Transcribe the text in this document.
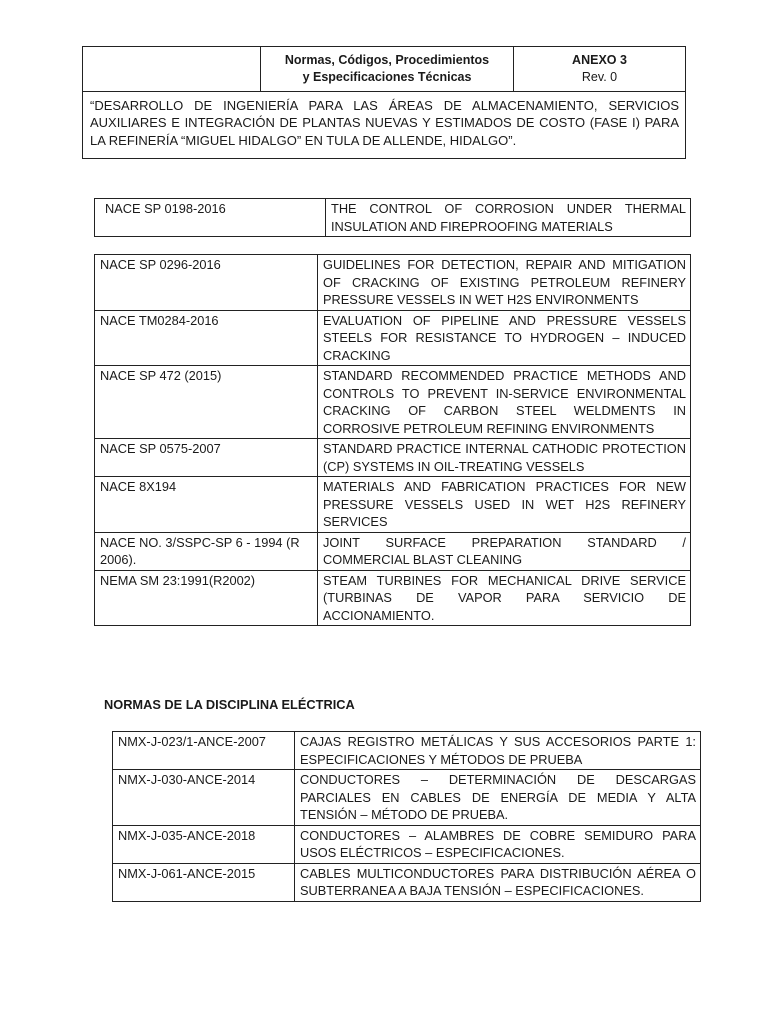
Normas, Códigos, Procedimientos
y Especificaciones Técnicas

ANEXO 3
Rev. 0
“DESARROLLO DE INGENIERÍA PARA LAS ÁREAS DE ALMACENAMIENTO, SERVICIOS AUXILIARES E INTEGRACIÓN DE PLANTAS NUEVAS Y ESTIMADOS DE COSTO (FASE I) PARA LA REFINERÍA “MIGUEL HIDALGO” EN TULA DE ALLENDE, HIDALGO”.
NACE SP 0198-2016	THE CONTROL OF CORROSION UNDER THERMAL INSULATION AND FIREPROOFING MATERIALS
NACE SP 0296-2016	GUIDELINES FOR DETECTION, REPAIR AND MITIGATION OF CRACKING OF EXISTING PETROLEUM REFINERY PRESSURE VESSELS IN WET H2S ENVIRONMENTS
NACE TM0284-2016	EVALUATION OF PIPELINE AND PRESSURE VESSELS STEELS FOR RESISTANCE TO HYDROGEN – INDUCED CRACKING
NACE SP 472 (2015)	STANDARD RECOMMENDED PRACTICE METHODS AND CONTROLS TO PREVENT IN-SERVICE ENVIRONMENTAL CRACKING OF CARBON STEEL WELDMENTS IN CORROSIVE PETROLEUM REFINING ENVIRONMENTS
NACE SP 0575-2007	STANDARD PRACTICE INTERNAL CATHODIC PROTECTION (CP) SYSTEMS IN OIL-TREATING VESSELS
NACE 8X194	MATERIALS AND FABRICATION PRACTICES FOR NEW PRESSURE VESSELS USED IN WET H2S REFINERY SERVICES
NACE NO. 3/SSPC-SP 6 - 1994 (R 2006).	JOINT SURFACE PREPARATION STANDARD / COMMERCIAL BLAST CLEANING
NEMA SM 23:1991(R2002)	STEAM TURBINES FOR MECHANICAL DRIVE SERVICE (TURBINAS DE VAPOR PARA SERVICIO DE ACCIONAMIENTO.
NORMAS DE LA DISCIPLINA ELÉCTRICA
NMX-J-023/1-ANCE-2007	CAJAS REGISTRO METÁLICAS Y SUS ACCESORIOS PARTE 1: ESPECIFICACIONES Y MÉTODOS DE PRUEBA
NMX-J-030-ANCE-2014	CONDUCTORES – DETERMINACIÓN DE DESCARGAS PARCIALES EN CABLES DE ENERGÍA DE MEDIA Y ALTA TENSIÓN – MÉTODO DE PRUEBA.
NMX-J-035-ANCE-2018	CONDUCTORES – ALAMBRES DE COBRE SEMIDURO PARA USOS ELÉCTRICOS – ESPECIFICACIONES.
NMX-J-061-ANCE-2015	CABLES MULTICONDUCTORES PARA DISTRIBUCIÓN AÉREA O SUBTERRANEA A BAJA TENSIÓN – ESPECIFICACIONES.
